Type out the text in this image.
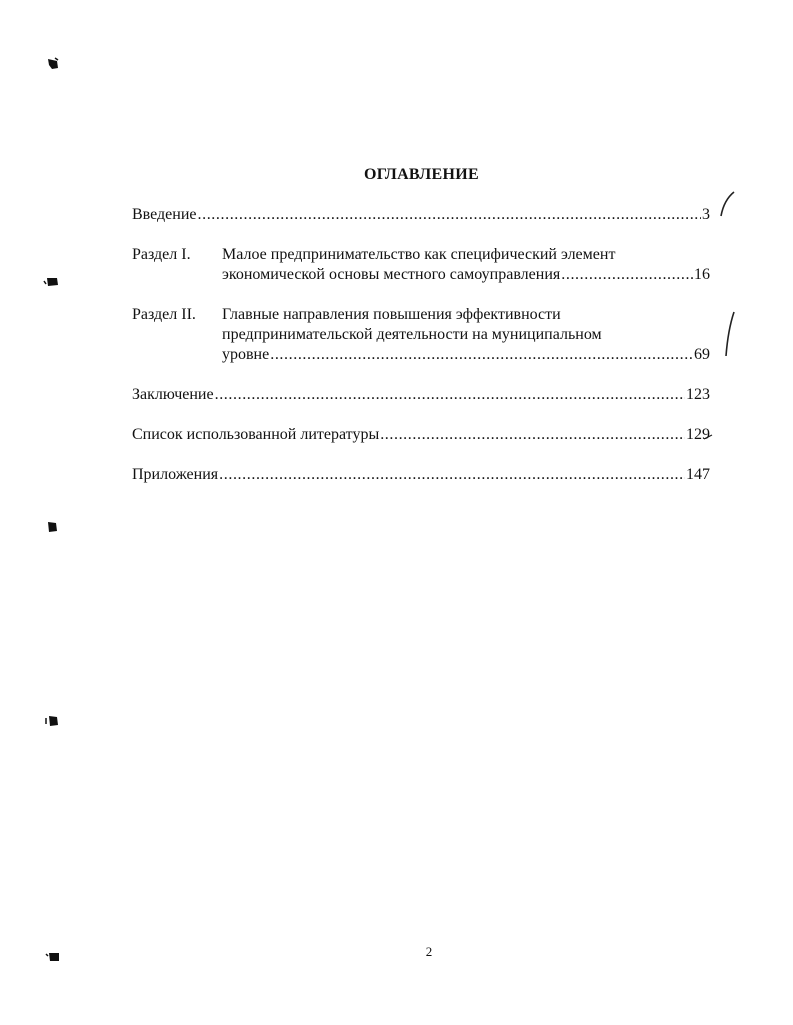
ОГЛАВЛЕНИЕ
Введение .....	3
Раздел I.	Малое предпринимательство как специфический элемент
экономической основы местного самоуправления .....	16
Раздел II.	Главные направления повышения эффективности
предпринимательской деятельности на муниципальном
уровне .....	69
Заключение .....	123
Список использованной литературы .....	129
Приложения .....	147
2
